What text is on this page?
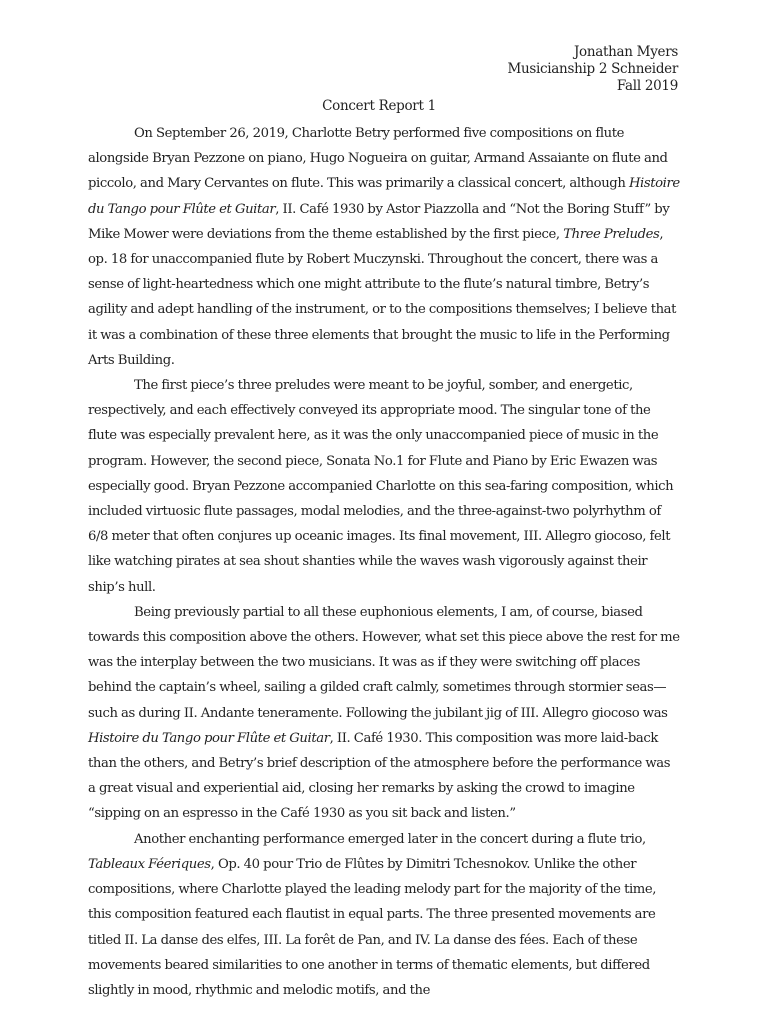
Jonathan Myers
Musicianship 2 Schneider
Fall 2019
Concert Report 1

On September 26, 2019, Charlotte Betry performed five compositions on flute alongside Bryan Pezzone on piano, Hugo Nogueira on guitar, Armand Assaiante on flute and piccolo, and Mary Cervantes on flute. This was primarily a classical concert, although Histoire du Tango pour Flûte et Guitar, II. Café 1930 by Astor Piazzolla and “Not the Boring Stuff” by Mike Mower were deviations from the theme established by the first piece, Three Preludes, op. 18 for unaccompanied flute by Robert Muczynski. Throughout the concert, there was a sense of light-heartedness which one might attribute to the flute’s natural timbre, Betry’s agility and adept handling of the instrument, or to the compositions themselves; I believe that it was a combination of these three elements that brought the music to life in the Performing Arts Building.

The first piece’s three preludes were meant to be joyful, somber, and energetic, respectively, and each effectively conveyed its appropriate mood. The singular tone of the flute was especially prevalent here, as it was the only unaccompanied piece of music in the program. However, the second piece, Sonata No.1 for Flute and Piano by Eric Ewazen was especially good. Bryan Pezzone accompanied Charlotte on this sea-faring composition, which included virtuosic flute passages, modal melodies, and the three-against-two polyrhythm of 6/8 meter that often conjures up oceanic images. Its final movement, III. Allegro giocoso, felt like watching pirates at sea shout shanties while the waves wash vigorously against their ship’s hull.

Being previously partial to all these euphonious elements, I am, of course, biased towards this composition above the others. However, what set this piece above the rest for me was the interplay between the two musicians. It was as if they were switching off places behind the captain’s wheel, sailing a gilded craft calmly, sometimes through stormier seas—such as during II. Andante teneramente. Following the jubilant jig of III. Allegro giocoso was Histoire du Tango pour Flûte et Guitar, II. Café 1930. This composition was more laid-back than the others, and Betry’s brief description of the atmosphere before the performance was a great visual and experiential aid, closing her remarks by asking the crowd to imagine “sipping on an espresso in the Café 1930 as you sit back and listen.”

Another enchanting performance emerged later in the concert during a flute trio, Tableaux Féeriques, Op. 40 pour Trio de Flûtes by Dimitri Tchesnokov. Unlike the other compositions, where Charlotte played the leading melody part for the majority of the time, this composition featured each flautist in equal parts. The three presented movements are titled II. La danse des elfes, III. La forêt de Pan, and IV. La danse des fées. Each of these movements beared similarities to one another in terms of thematic elements, but differed slightly in mood, rhythmic and melodic motifs, and the
